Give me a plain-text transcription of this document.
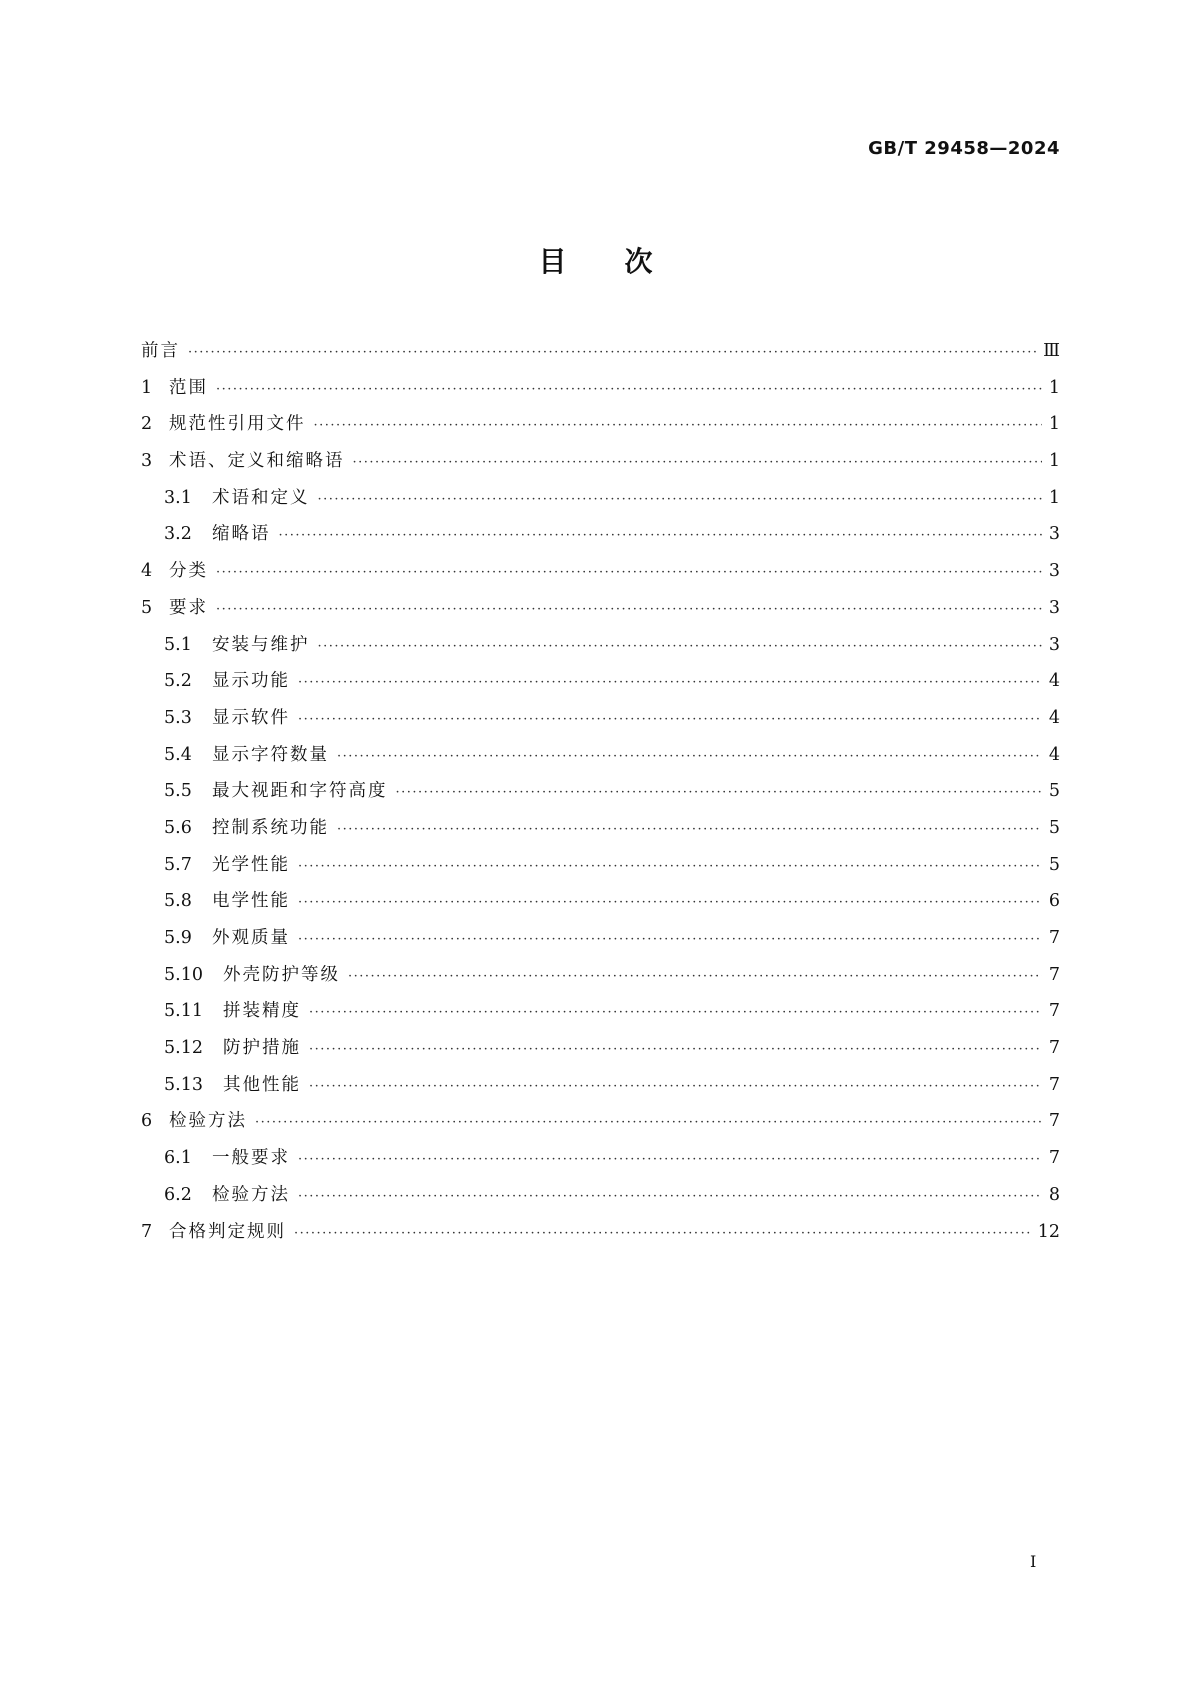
GB/T 29458—2024
目次
前言 ·····	Ⅲ
1 范围 ·····	1
2 规范性引用文件 ·····	1
3 术语、定义和缩略语 ·····	1
3.1	术语和定义 ·····	1
3.2	缩略语 ·····	3
4 分类 ·····	3
5 要求 ·····	3
5.1	安装与维护 ·····	3
5.2	显示功能 ·····	4
5.3	显示软件 ·····	4
5.4	显示字符数量 ·····	4
5.5	最大视距和字符高度 ·····	5
5.6	控制系统功能 ·····	5
5.7	光学性能 ·····	5
5.8	电学性能 ·····	6
5.9	外观质量 ·····	7
5.10	外壳防护等级 ·····	7
5.11	拼装精度 ·····	7
5.12	防护措施 ·····	7
5.13	其他性能 ·····	7
6 检验方法 ·····	7
6.1	一般要求 ·····	7
6.2	检验方法 ·····	8
7 合格判定规则 ·····	12
Ⅰ
